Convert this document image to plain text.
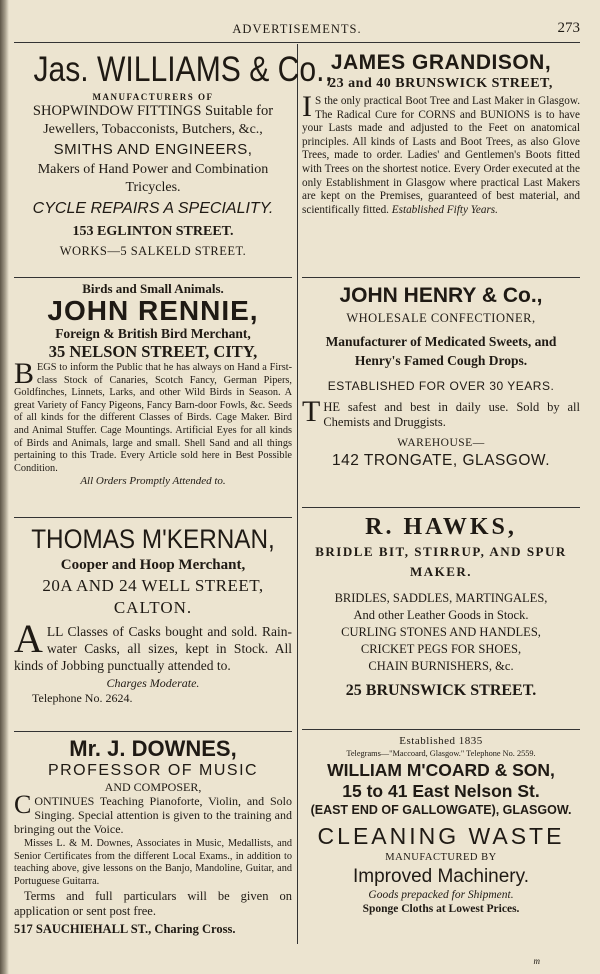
ADVERTISEMENTS.	273
Jas. WILLIAMS & Co.,
MANUFACTURERS OF
SHOPWINDOW FITTINGS Suitable for
Jewellers, Tobacconists, Butchers, &c.,
SMITHS AND ENGINEERS,
Makers of Hand Power and Combination Tricycles.
CYCLE REPAIRS A SPECIALITY.
153 EGLINTON STREET.
WORKS—5 SALKELD STREET.
Birds and Small Animals.
JOHN RENNIE,
Foreign & British Bird Merchant,
35 NELSON STREET, CITY,

BEGS to inform the Public that he has always on Hand a First-class Stock of Canaries, Scotch Fancy, German Pipers, Goldfinches, Linnets, Larks, and other Wild Birds in Season. A great Variety of Fancy Pigeons, Fancy Barn-door Fowls, &c. Seeds of all kinds for the different Classes of Birds. Cage Maker. Bird and Animal Stuffer. Cage Mountings. Artificial Eyes for all kinds of Birds and Animals, large and small. Shell Sand and all things pertaining to this Trade. Every Article sold here in Best Possible Condition.

All Orders Promptly Attended to.
THOMAS M'KERNAN,
Cooper and Hoop Merchant,
20A AND 24 WELL STREET,
CALTON.

ALL Classes of Casks bought and sold. Rain-water Casks, all sizes, kept in Stock. All kinds of Jobbing punctually attended to.

Charges Moderate.
Telephone No. 2624.
Mr. J. DOWNES,
PROFESSOR OF MUSIC
AND COMPOSER,

CONTINUES Teaching Pianoforte, Violin, and Solo Singing. Special attention is given to the training and bringing out the Voice.

Misses L. & M. Downes, Associates in Music, Medallists, and Senior Certificates from the different Local Exams., in addition to teaching above, give lessons on the Banjo, Mandoline, Guitar, and Portuguese Guitarra.

Terms and full particulars will be given on application or sent post free.

517 SAUCHIEHALL ST., Charing Cross.
JAMES GRANDISON,
23 and 40 BRUNSWICK STREET,

I S the only practical Boot Tree and Last Maker in Glasgow. The Radical Cure for CORNS and BUNIONS is to have your Lasts made and adjusted to the Feet on anatomical principles. All kinds of Lasts and Boot Trees, as also Glove Trees, made to order. Ladies' and Gentlemen's Boots fitted with Trees on the shortest notice. Every Order executed at the only Establishment in Glasgow where practical Last Makers are kept on the Premises, guaranteed of best material, and scientifically fitted. Established Fifty Years.

JOHN HENRY & Co.,
WHOLESALE CONFECTIONER,
Manufacturer of Medicated Sweets, and Henry's Famed Cough Drops.
ESTABLISHED FOR OVER 30 YEARS.

THE safest and best in daily use. Sold by all Chemists and Druggists.

WAREHOUSE—
142 TRONGATE, GLASGOW.
R. HAWKS,
BRIDLE BIT, STIRRUP, AND SPUR MAKER.
BRIDLES, SADDLES, MARTINGALES,
And other Leather Goods in Stock.
CURLING STONES AND HANDLES,
CRICKET PEGS FOR SHOES,
CHAIN BURNISHERS, &c.
25 BRUNSWICK STREET.
Established 1835
Telegrams—"Maccoard, Glasgow." Telephone No. 2559.
WILLIAM M'COARD & SON,
15 to 41 East Nelson St.
(EAST END OF GALLOWGATE), GLASGOW.
CLEANING WASTE
MANUFACTURED BY
Improved Machinery.
Goods prepacked for Shipment.
Sponge Cloths at Lowest Prices.
m
